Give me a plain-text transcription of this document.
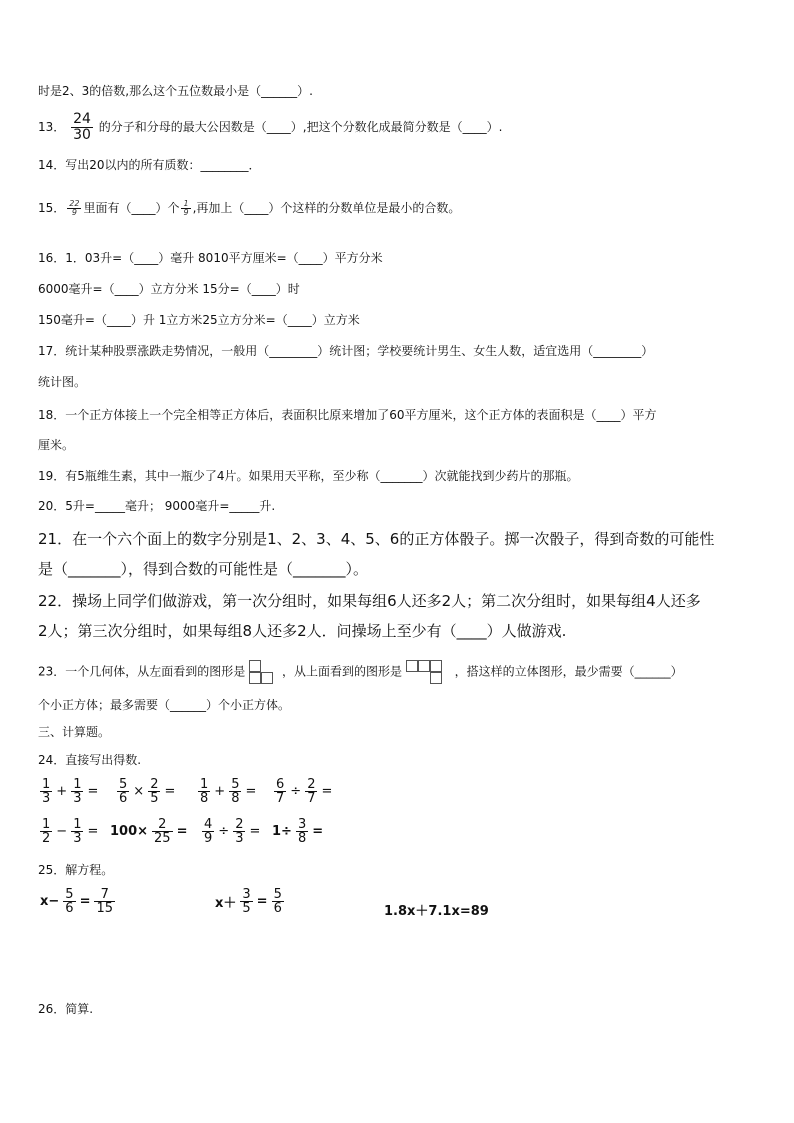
时是2、3的倍数,那么这个五位数最小是（______）.
13． $\frac{24}{30}$ 的分子和分母的最大公因数是（____）,把这个分数化成最简分数是（____）.
14．写出20以内的所有质数：________．
15． $\frac{22}{9}$ 里面有（____）个 $\frac{1}{9}$ ,再加上（____）个这样的分数单位是最小的合数。
16．1．03升=（____）毫升 8010平方厘米=（____）平方分米
6000毫升=（____）立方分米 15分=（____）时
150毫升=（____）升 1立方米25立方分米=（____）立方米
17．统计某种股票涨跌走势情况，一般用（________）统计图；学校要统计男生、女生人数，适宜选用（________）
统计图。
18．一个正方体接上一个完全相等正方体后，表面积比原来增加了60平方厘米，这个正方体的表面积是（____）平方
厘米。
19．有5瓶维生素，其中一瓶少了4片。如果用天平称，至少称（_______）次就能找到少药片的那瓶。
20．5升=_____毫升； 9000毫升=_____升.
21．在一个六个面上的数字分别是1、2、3、4、5、6的正方体骰子。掷一次骰子，得到奇数的可能性
是（_______），得到合数的可能性是（_______）。
22．操场上同学们做游戏，第一次分组时，如果每组6人还多2人；第二次分组时，如果每组4人还多
2人；第三次分组时，如果每组8人还多2人．问操场上至少有（____）人做游戏.
23．一个几何体，从左面看到的图形是	，从上面看到的图形是	，搭这样的立体图形，最少需要（______）
个小正方体；最多需要（______）个小正方体。
三、计算题。
24．直接写出得数.
$\frac{1}{3} + \frac{1}{3} = \frac{5}{6} \times \frac{2}{5} = \frac{1}{8} + \frac{5}{8} = \frac{6}{7} \div \frac{2}{7}$ =
$\frac{1}{2} - \frac{1}{3} = 100\times \frac{2}{25} = \frac{4}{9} \div \frac{2}{3} = 1\div \frac{3}{8}$ =
25．解方程。
$x- \frac{5}{6} = \frac{7}{15}$	$x+ \frac{3}{5} = \frac{5}{6}$	1.8x＋7.1x=89
26．简算.
